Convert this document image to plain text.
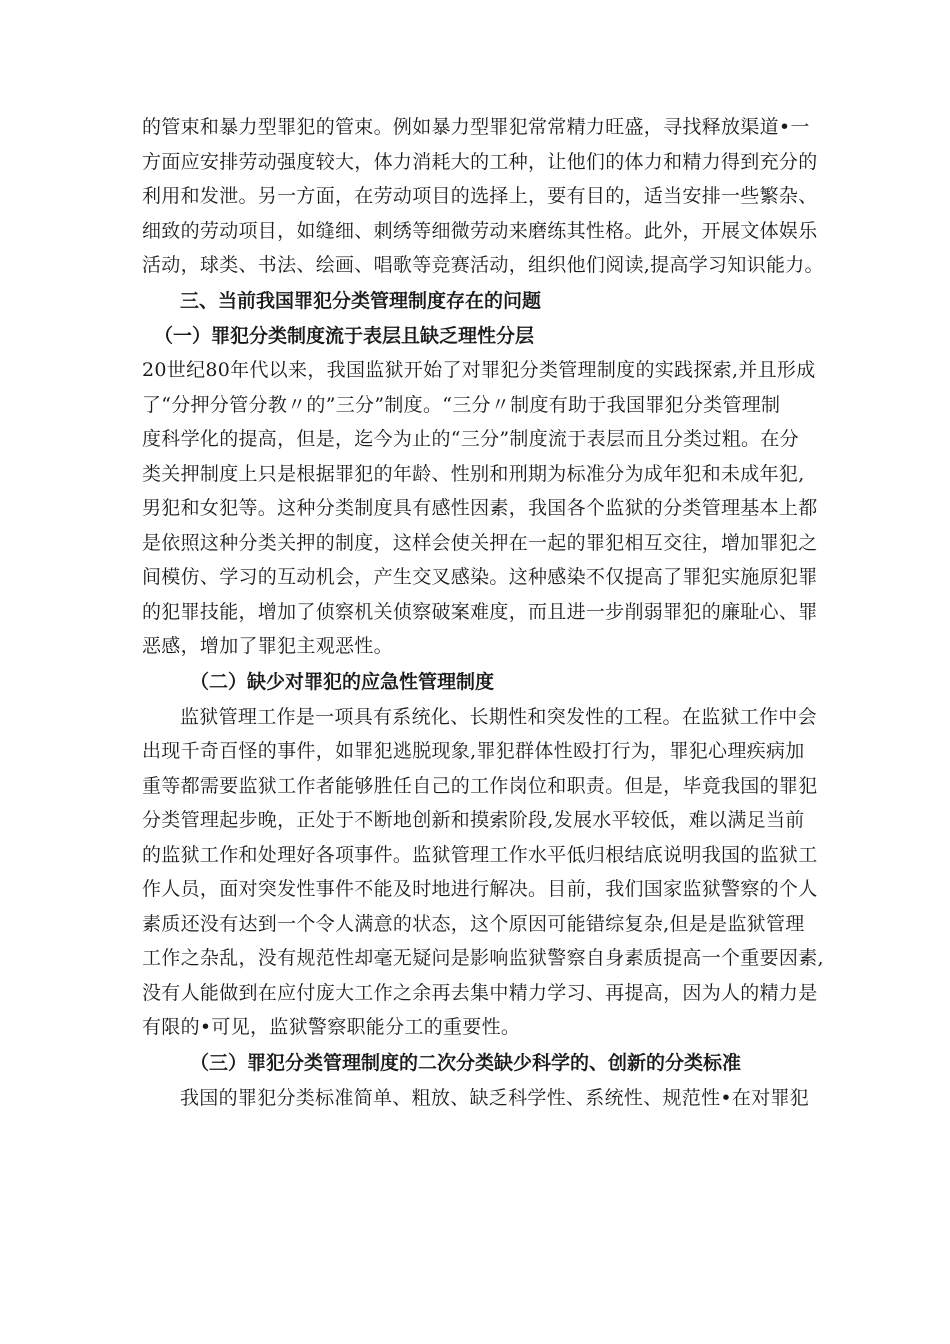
的管束和暴力型罪犯的管束。例如暴力型罪犯常常精力旺盛，寻找释放渠道•一
方面应安排劳动强度较大，体力消耗大的工种，让他们的体力和精力得到充分的
利用和发泄。另一方面，在劳动项目的选择上，要有目的，适当安排一些繁杂、
细致的劳动项目，如缝细、刺绣等细微劳动来磨练其性格。此外，开展文体娱乐
活动，球类、书法、绘画、唱歌等竞赛活动，组织他们阅读,提高学习知识能力。
三、当前我国罪犯分类管理制度存在的问题
（一）罪犯分类制度流于表层且缺乏理性分层
20世纪80年代以来，我国监狱开始了对罪犯分类管理制度的实践探索,并且形成
了“分押分管分教〃的”三分”制度。“三分〃制度有助于我国罪犯分类管理制
度科学化的提高，但是，迄今为止的“三分”制度流于表层而且分类过粗。在分
类关押制度上只是根据罪犯的年龄、性别和刑期为标准分为成年犯和未成年犯,
男犯和女犯等。这种分类制度具有感性因素，我国各个监狱的分类管理基本上都
是依照这种分类关押的制度，这样会使关押在一起的罪犯相互交往，增加罪犯之
间模仿、学习的互动机会，产生交叉感染。这种感染不仅提高了罪犯实施原犯罪
的犯罪技能，增加了侦察机关侦察破案难度，而且进一步削弱罪犯的廉耻心、罪
恶感，增加了罪犯主观恶性。
（二）缺少对罪犯的应急性管理制度
监狱管理工作是一项具有系统化、长期性和突发性的工程。在监狱工作中会
出现千奇百怪的事件，如罪犯逃脱现象,罪犯群体性殴打行为，罪犯心理疾病加
重等都需要监狱工作者能够胜任自己的工作岗位和职责。但是，毕竟我国的罪犯
分类管理起步晚，正处于不断地创新和摸索阶段,发展水平较低，难以满足当前
的监狱工作和处理好各项事件。监狱管理工作水平低归根结底说明我国的监狱工
作人员，面对突发性事件不能及时地进行解决。目前，我们国家监狱警察的个人
素质还没有达到一个令人满意的状态，这个原因可能错综复杂,但是是监狱管理
工作之杂乱，没有规范性却毫无疑问是影响监狱警察自身素质提高一个重要因素,
没有人能做到在应付庞大工作之余再去集中精力学习、再提高，因为人的精力是
有限的•可见，监狱警察职能分工的重要性。
（三）罪犯分类管理制度的二次分类缺少科学的、创新的分类标准
我国的罪犯分类标准简单、粗放、缺乏科学性、系统性、规范性•在对罪犯
